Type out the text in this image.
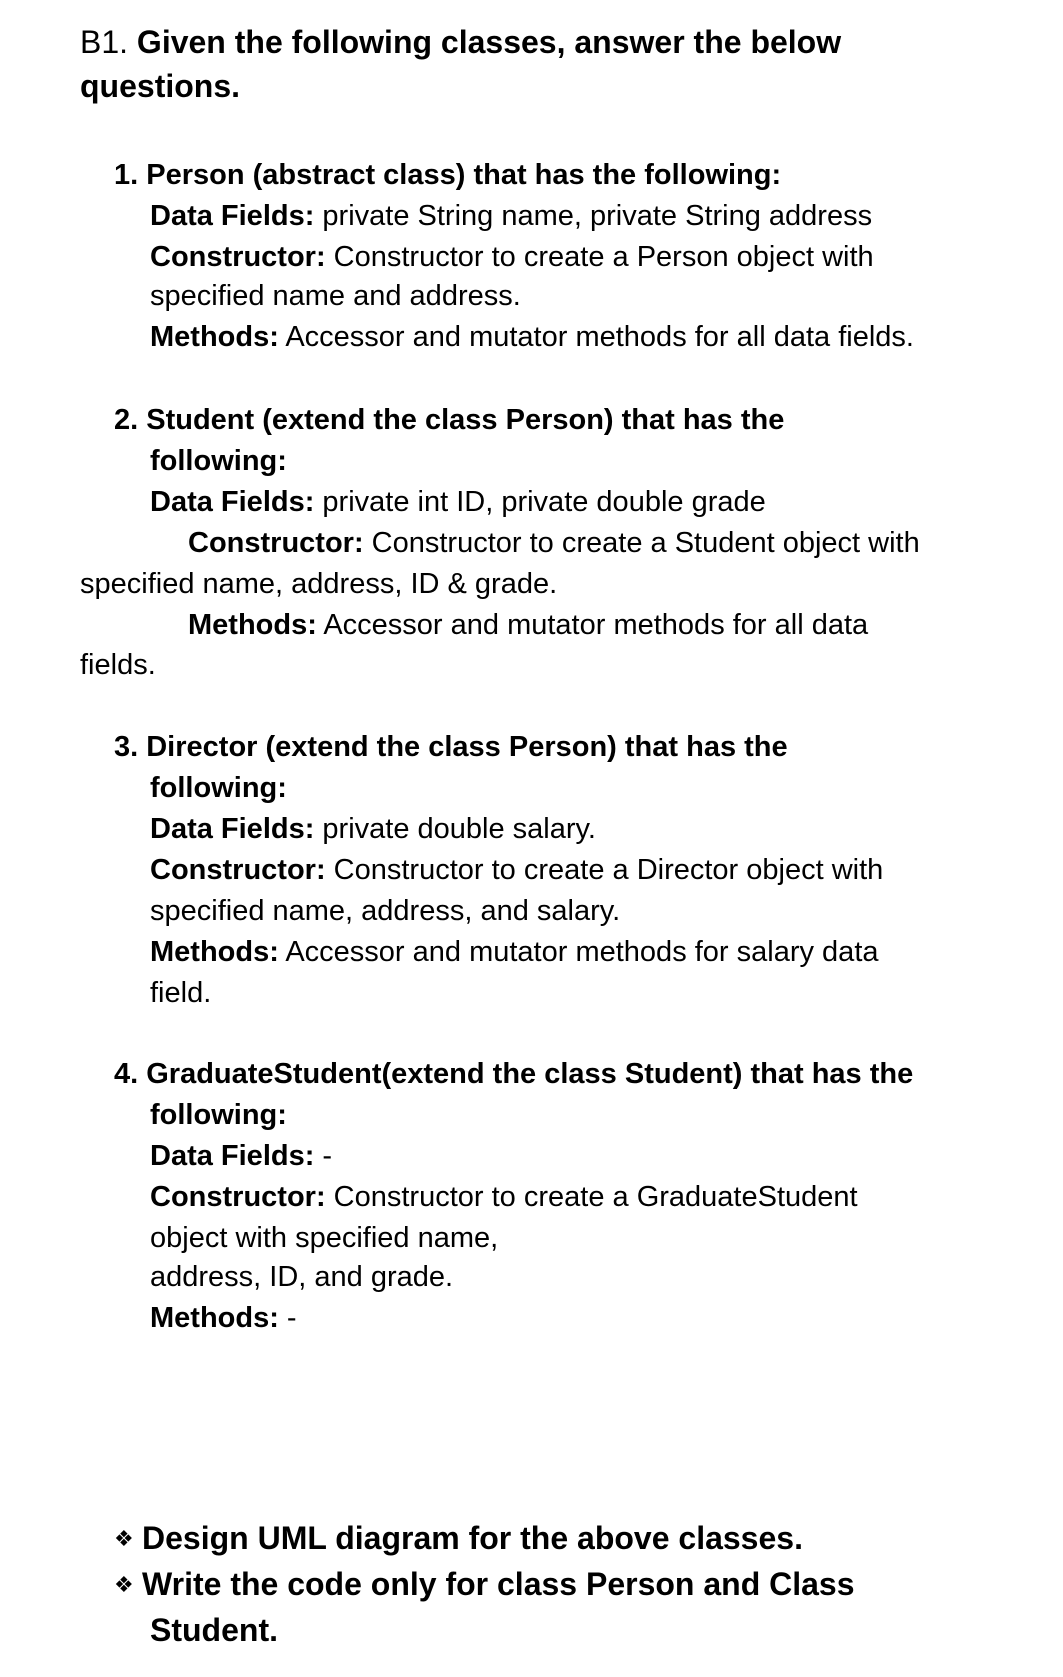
B1. Given the following classes, answer the below
questions.
1. Person (abstract class) that has the following:
Data Fields: private String name, private String address
Constructor: Constructor to create a Person object with
specified name and address.
Methods: Accessor and mutator methods for all data fields.
2. Student (extend the class Person) that has the
following:
Data Fields: private int ID, private double grade
Constructor: Constructor to create a Student object with
specified name, address, ID & grade.
Methods: Accessor and mutator methods for all data
fields.
3. Director (extend the class Person) that has the
following:
Data Fields: private double salary.
Constructor: Constructor to create a Director object with
specified name, address, and salary.
Methods: Accessor and mutator methods for salary data
field.
4. GraduateStudent(extend the class Student) that has the
following:
Data Fields: -
Constructor: Constructor to create a GraduateStudent
object with specified name,
address, ID, and grade.
Methods: -
❖ Design UML diagram for the above classes.
❖ Write the code only for class Person and Class
Student.
